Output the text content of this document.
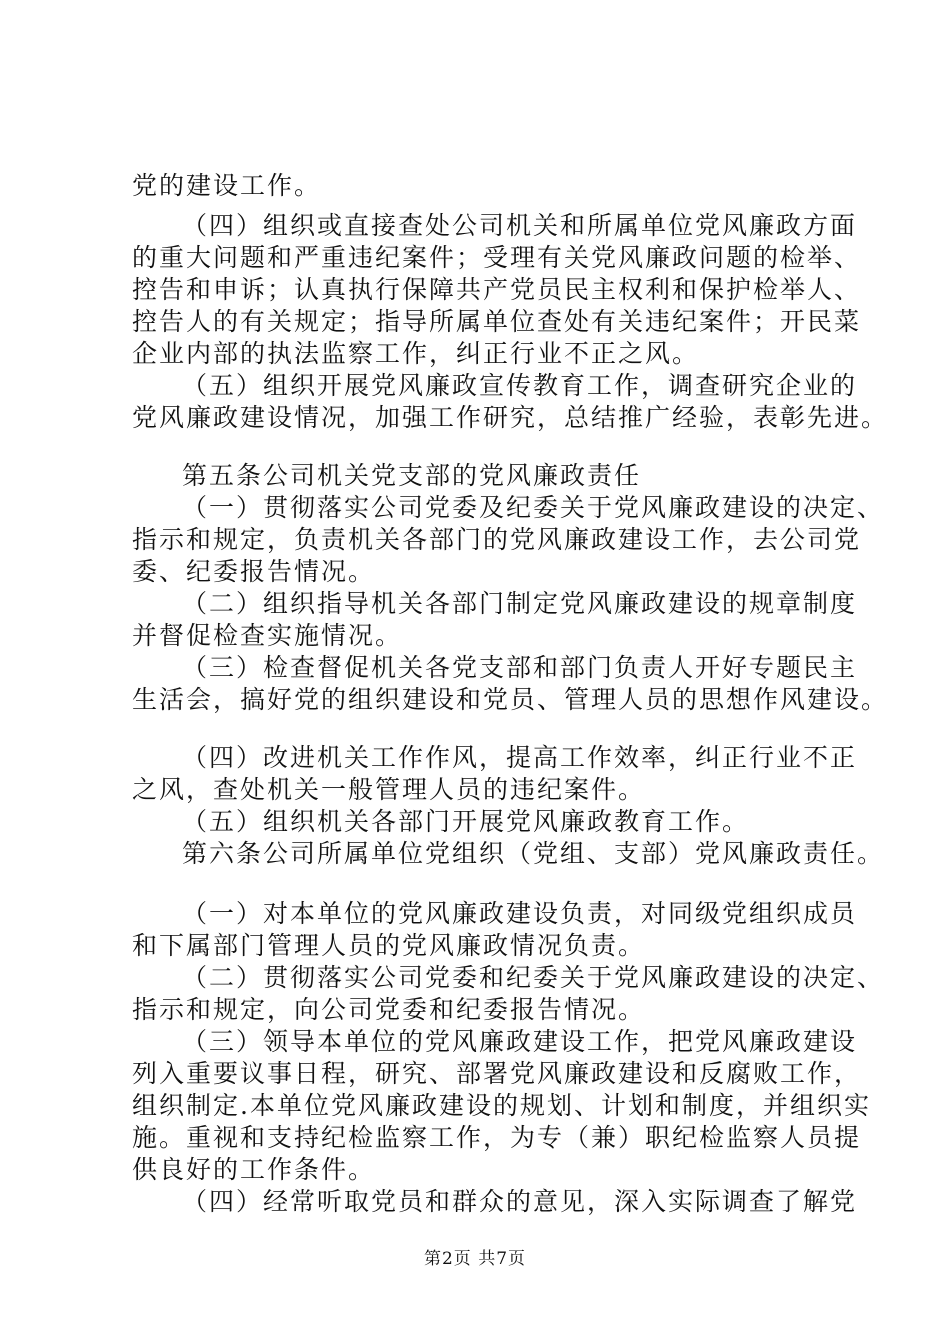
党的建设工作。
（四）组织或直接查处公司机关和所属单位党风廉政方面
的重大问题和严重违纪案件；受理有关党风廉政问题的检举、
控告和申诉；认真执行保障共产党员民主权利和保护检举人、
控告人的有关规定；指导所属单位查处有关违纪案件；开民菜
企业内部的执法监察工作，纠正行业不正之风。
（五）组织开展党风廉政宣传教育工作，调查研究企业的
党风廉政建设情况，加强工作研究，总结推广经验，表彰先进。
第五条公司机关党支部的党风廉政责任
（一）贯彻落实公司党委及纪委关于党风廉政建设的决定、
指示和规定，负责机关各部门的党风廉政建设工作，去公司党
委、纪委报告情况。
（二）组织指导机关各部门制定党风廉政建设的规章制度
并督促检查实施情况。
（三）检查督促机关各党支部和部门负责人开好专题民主
生活会，搞好党的组织建设和党员、管理人员的思想作风建设。
（四）改进机关工作作风，提高工作效率，纠正行业不正
之风，查处机关一般管理人员的违纪案件。
（五）组织机关各部门开展党风廉政教育工作。
第六条公司所属单位党组织（党组、支部）党风廉政责任。
（一）对本单位的党风廉政建设负责，对同级党组织成员
和下属部门管理人员的党风廉政情况负责。
（二）贯彻落实公司党委和纪委关于党风廉政建设的决定、
指示和规定，向公司党委和纪委报告情况。
（三）领导本单位的党风廉政建设工作，把党风廉政建设
列入重要议事日程，研究、部署党风廉政建设和反腐败工作，
组织制定.本单位党风廉政建设的规划、计划和制度，并组织实
施。重视和支持纪检监察工作，为专（兼）职纪检监察人员提
供良好的工作条件。
（四）经常听取党员和群众的意见，深入实际调查了解党
第2页 共7页
